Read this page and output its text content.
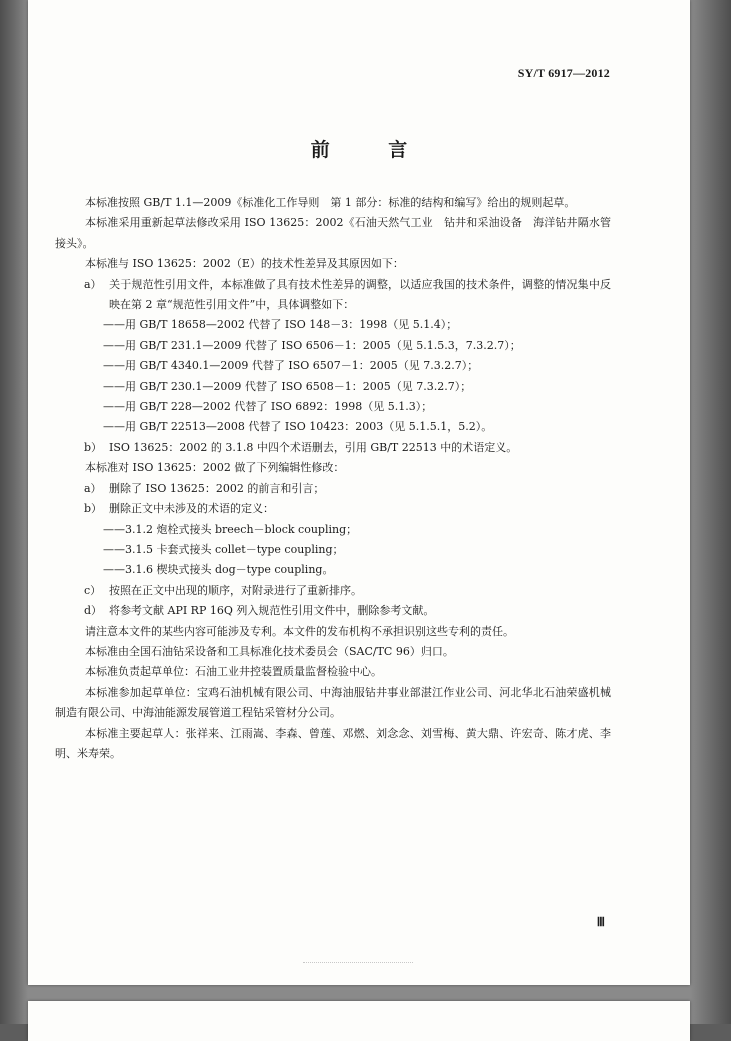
SY/T 6917—2012
前 言

本标准按照 GB/T 1.1—2009《标准化工作导则　第 1 部分：标准的结构和编写》给出的规则起草。

本标准采用重新起草法修改采用 ISO 13625：2002《石油天然气工业　钻井和采油设备　海洋钻井隔水管接头》。

本标准与 ISO 13625：2002（E）的技术性差异及其原因如下：

a） 关于规范性引用文件，本标准做了具有技术性差异的调整，以适应我国的技术条件，调整的情况集中反映在第 2 章“规范性引用文件”中，具体调整如下：

——用 GB/T 18658—2002 代替了 ISO 148－3：1998（见 5.1.4）；

——用 GB/T 231.1—2009 代替了 ISO 6506－1：2005（见 5.1.5.3，7.3.2.7）；

——用 GB/T 4340.1—2009 代替了 ISO 6507－1：2005（见 7.3.2.7）；

——用 GB/T 230.1—2009 代替了 ISO 6508－1：2005（见 7.3.2.7）；

——用 GB/T 228—2002 代替了 ISO 6892：1998（见 5.1.3）；

——用 GB/T 22513—2008 代替了 ISO 10423：2003（见 5.1.5.1，5.2）。

b） ISO 13625：2002 的 3.1.8 中四个术语删去，引用 GB/T 22513 中的术语定义。

本标准对 ISO 13625：2002 做了下列编辑性修改：

a） 删除了 ISO 13625：2002 的前言和引言；

b） 删除正文中未涉及的术语的定义：

——3.1.2 炮栓式接头 breech－block coupling；

——3.1.5 卡套式接头 collet－type coupling；

——3.1.6 楔块式接头 dog－type coupling。

c） 按照在正文中出现的顺序，对附录进行了重新排序。

d） 将参考文献 API RP 16Q 列入规范性引用文件中，删除参考文献。

请注意本文件的某些内容可能涉及专利。本文件的发布机构不承担识别这些专利的责任。

本标准由全国石油钻采设备和工具标准化技术委员会（SAC/TC 96）归口。

本标准负责起草单位：石油工业井控装置质量监督检验中心。

本标准参加起草单位：宝鸡石油机械有限公司、中海油服钻井事业部湛江作业公司、河北华北石油荣盛机械制造有限公司、中海油能源发展管道工程钻采管材分公司。

本标准主要起草人：张祥来、江雨嵩、李森、曾莲、邓燃、刘念念、刘雪梅、黄大鼎、许宏奇、陈才虎、李明、米寿荣。

Ⅲ
